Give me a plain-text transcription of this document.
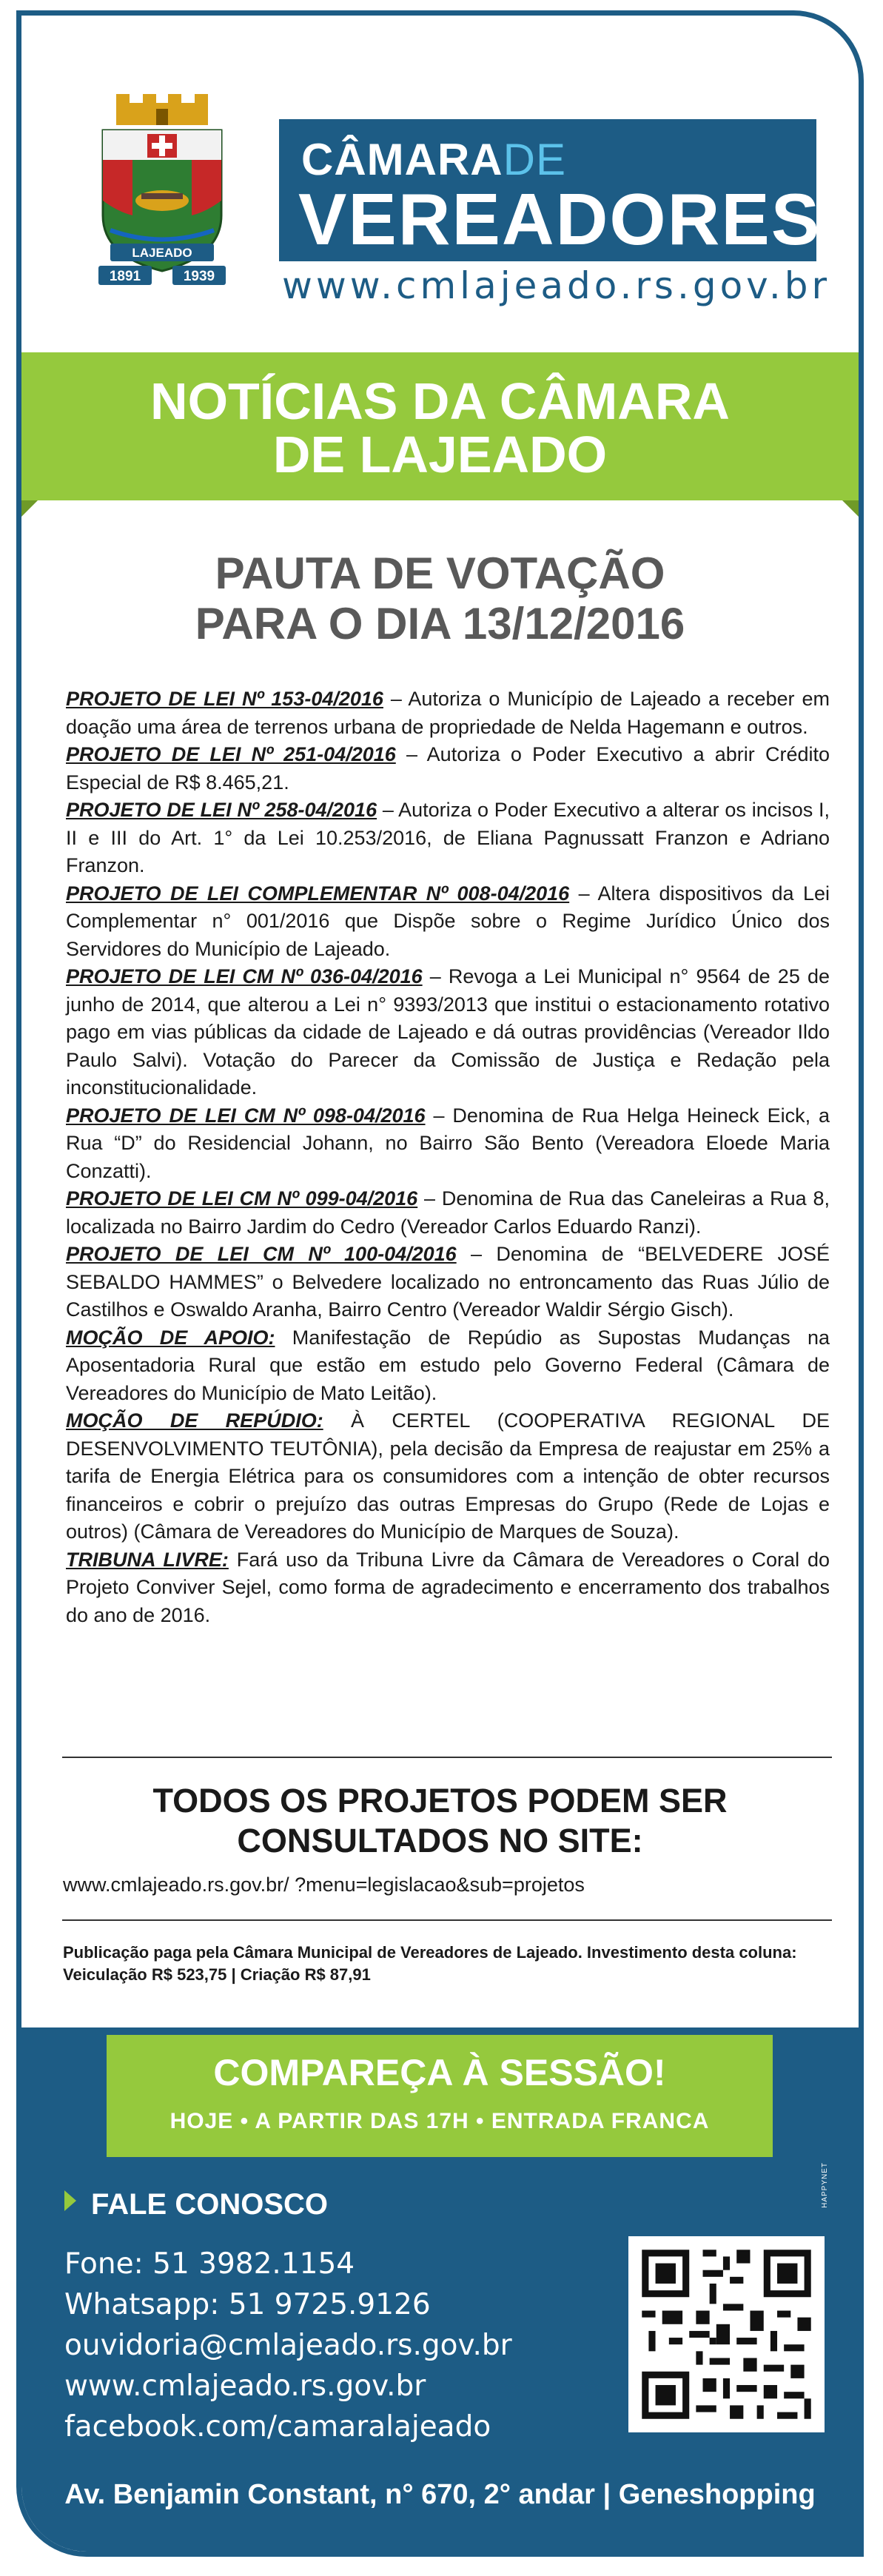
LAJEADO
1891	1939
CÂMARADE
VEREADORES
www.cmlajeado.rs.gov.br
NOTÍCIAS DA CÂMARA
DE LAJEADO
PAUTA DE VOTAÇÃO
PARA O DIA 13/12/2016

PROJETO DE LEI Nº 153-04/2016 – Autoriza o Município de Lajeado a receber em doação uma área de terrenos urbana de propriedade de Nelda Hagemann e outros.

PROJETO DE LEI Nº 251-04/2016 – Autoriza o Poder Executivo a abrir Crédito Especial de R$ 8.465,21.

PROJETO DE LEI Nº 258-04/2016 – Autoriza o Poder Executivo a alterar os incisos I, II e III do Art. 1° da Lei 10.253/2016, de Eliana Pagnussatt Franzon e Adriano Franzon.

PROJETO DE LEI COMPLEMENTAR Nº 008-04/2016 – Altera dispositivos da Lei Complementar n° 001/2016 que Dispõe sobre o Regime Jurídico Único dos Servidores do Município de Lajeado.

PROJETO DE LEI CM Nº 036-04/2016 – Revoga a Lei Municipal n° 9564 de 25 de junho de 2014, que alterou a Lei n° 9393/2013 que institui o estacionamento rotativo pago em vias públicas da cidade de Lajeado e dá outras providências (Vereador Ildo Paulo Salvi). Votação do Parecer da Comissão de Justiça e Redação pela inconstitucionalidade.

PROJETO DE LEI CM Nº 098-04/2016 – Denomina de Rua Helga Heineck Eick, a Rua “D” do Residencial Johann, no Bairro São Bento (Vereadora Eloede Maria Conzatti).

PROJETO DE LEI CM Nº 099-04/2016 – Denomina de Rua das Caneleiras a Rua 8, localizada no Bairro Jardim do Cedro (Vereador Carlos Eduardo Ranzi).

PROJETO DE LEI CM Nº 100-04/2016 – Denomina de “BELVEDERE JOSÉ SEBALDO HAMMES” o Belvedere localizado no entroncamento das Ruas Júlio de Castilhos e Oswaldo Aranha, Bairro Centro (Vereador Waldir Sérgio Gisch).

MOÇÃO DE APOIO: Manifestação de Repúdio as Supostas Mudanças na Aposentadoria Rural que estão em estudo pelo Governo Federal (Câmara de Vereadores do Município de Mato Leitão).

MOÇÃO DE REPÚDIO: À CERTEL (COOPERATIVA REGIONAL DE DESENVOLVIMENTO TEUTÔNIA), pela decisão da Empresa de reajustar em 25% a tarifa de Energia Elétrica para os consumidores com a intenção de obter recursos financeiros e cobrir o prejuízo das outras Empresas do Grupo (Rede de Lojas e outros) (Câmara de Vereadores do Município de Marques de Souza).

TRIBUNA LIVRE: Fará uso da Tribuna Livre da Câmara de Vereadores o Coral do Projeto Conviver Sejel, como forma de agradecimento e encerramento dos trabalhos do ano de 2016.

TODOS OS PROJETOS PODEM SER
CONSULTADOS NO SITE:
www.cmlajeado.rs.gov.br/ ?menu=legislacao&sub=projetos
Publicação paga pela Câmara Municipal de Vereadores de Lajeado. Investimento desta coluna: Veiculação R$ 523,75 | Criação R$ 87,91
COMPAREÇA À SESSÃO!
HOJE • A PARTIR DAS 17H • ENTRADA FRANCA
HAPPYNET
FALE CONOSCO
Fone: 51 3982.1154
Whatsapp: 51 9725.9126
ouvidoria@cmlajeado.rs.gov.br
www.cmlajeado.rs.gov.br
facebook.com/camaralajeado
Av. Benjamin Constant, n° 670, 2° andar | Geneshopping
